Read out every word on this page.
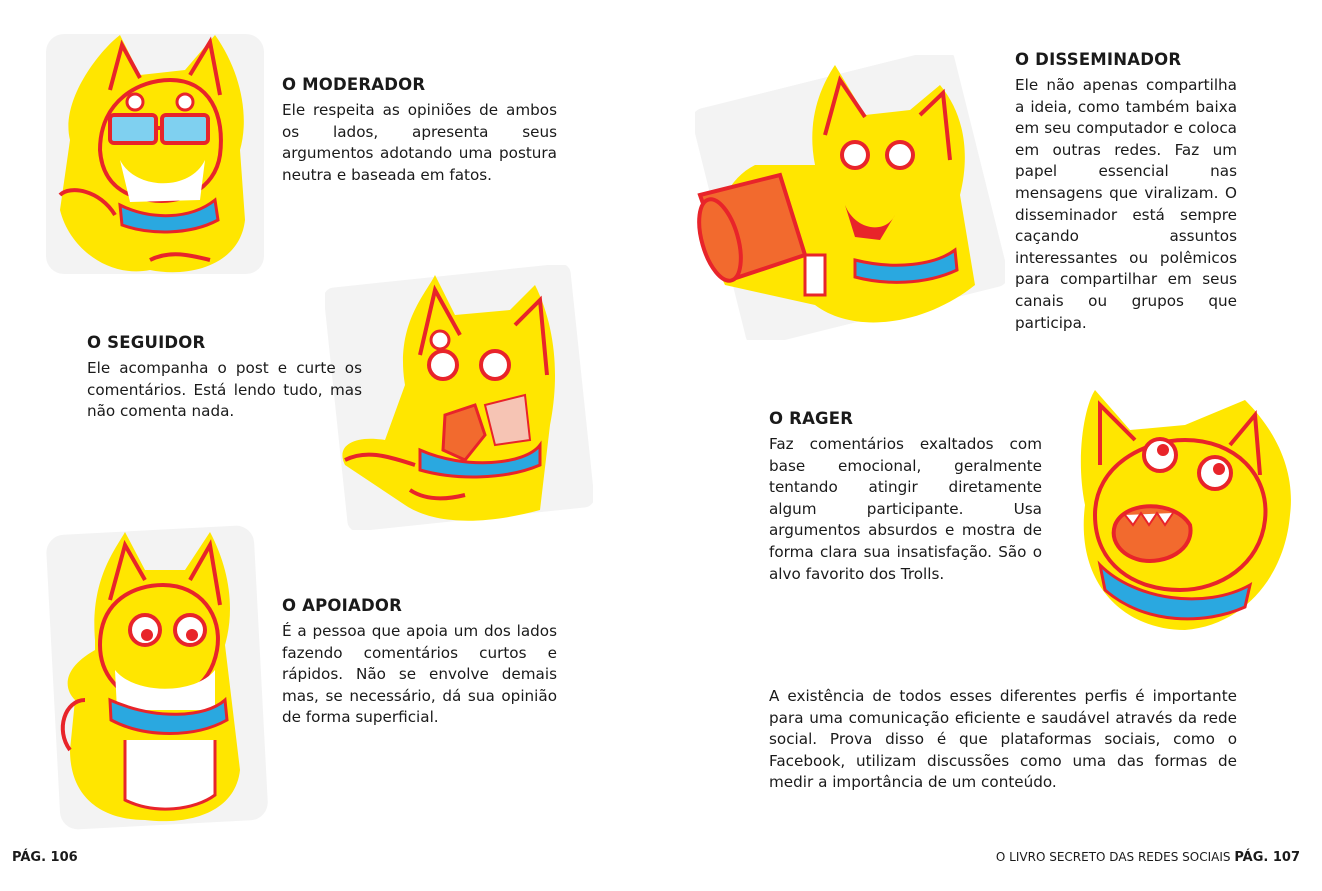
O MODERADOR

Ele respeita as opiniões de ambos os lados, apresenta seus argumentos adotando uma postura neutra e baseada em fatos.

O SEGUIDOR

Ele acompanha o post e curte os comentários. Está lendo tudo, mas não comenta nada.

O APOIADOR

É a pessoa que apoia um dos lados fazendo comentários curtos e rápidos. Não se envolve demais mas, se necessário, dá sua opinião de forma superficial.

O DISSEMINADOR

Ele não apenas compartilha a ideia, como também baixa em seu computador e coloca em outras redes. Faz um papel essencial nas mensagens que viralizam. O disseminador está sempre caçando assuntos interessantes ou polêmicos para compartilhar em seus canais ou grupos que participa.

O RAGER

Faz comentários exaltados com base emocional, geralmente tentando atingir diretamente algum participante. Usa argumentos absurdos e mostra de forma clara sua insatisfação. São o alvo favorito dos Trolls.

A existência de todos esses diferentes perfis é importante para uma comunicação eficiente e saudável através da rede social. Prova disso é que plataformas sociais, como o Facebook, utilizam discussões como uma das formas de medir a importância de um conteúdo.

PÁG. 106	O LIVRO SECRETO DAS REDES SOCIAIS PÁG. 107
